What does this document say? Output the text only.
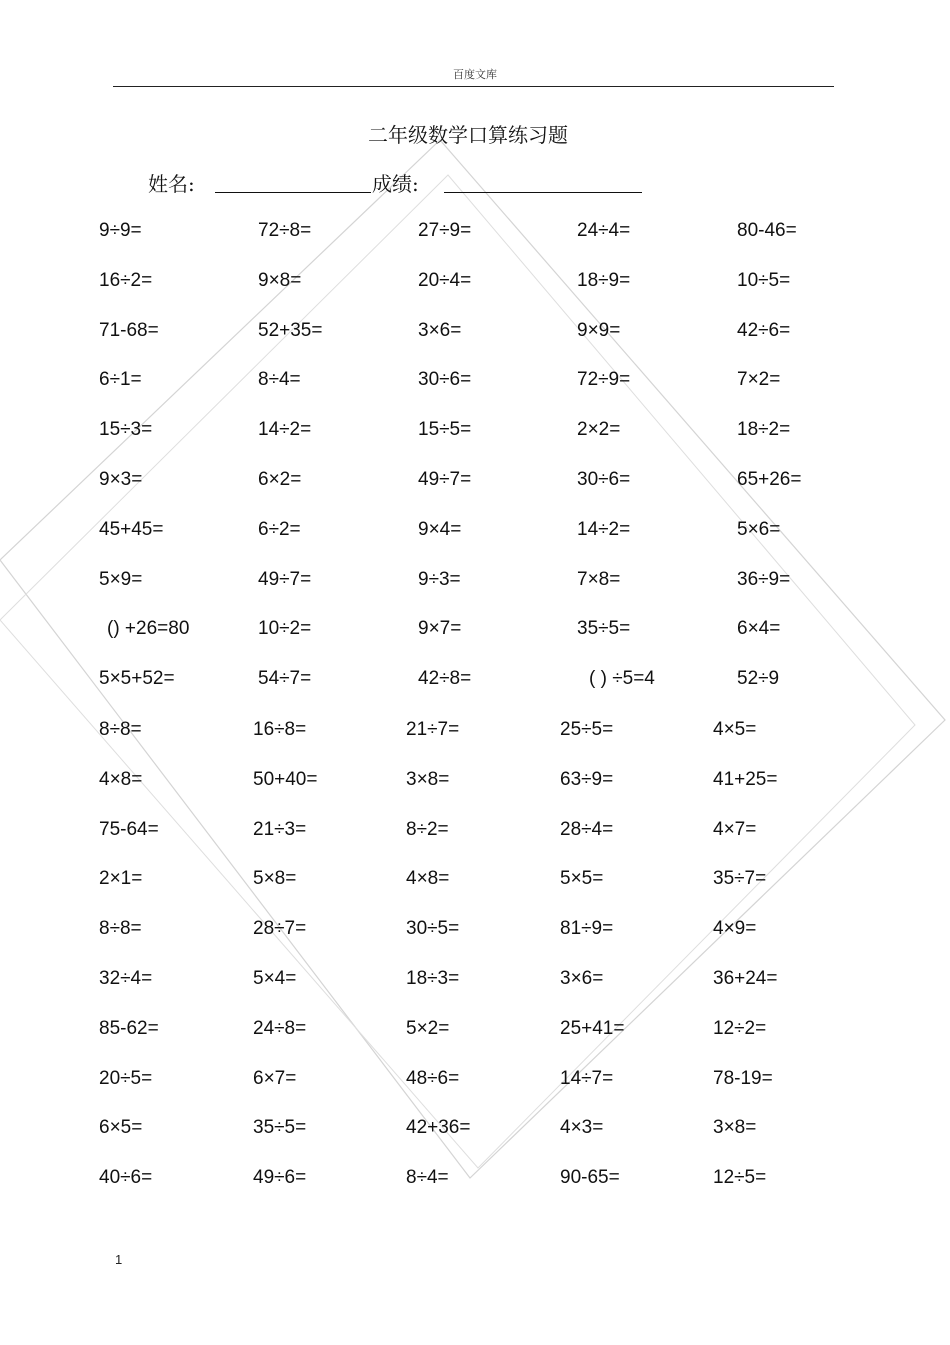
百度文库
二年级数学口算练习题
姓名:	成绩:
9÷9=	72÷8=	27÷9=	24÷4=	80-46=
16÷2=	9×8=	20÷4=	18÷9=	10÷5=
71-68=	52+35=	3×6=	9×9=	42÷6=
6÷1=	8÷4=	30÷6=	72÷9=	7×2=
15÷3=	14÷2=	15÷5=	2×2=	18÷2=
9×3=	6×2=	49÷7=	30÷6=	65+26=
45+45=	6÷2=	9×4=	14÷2=	5×6=
5×9=	49÷7=	9÷3=	7×8=	36÷9=
() +26=80	10÷2=	9×7=	35÷5=	6×4=
5×5+52=	54÷7=	42÷8=	( ) ÷5=4	52÷9
8÷8=	16÷8=	21÷7=	25÷5=	4×5=
4×8=	50+40=	3×8=	63÷9=	41+25=
75-64=	21÷3=	8÷2=	28÷4=	4×7=
2×1=	5×8=	4×8=	5×5=	35÷7=
8÷8=	28÷7=	30÷5=	81÷9=	4×9=
32÷4=	5×4=	18÷3=	3×6=	36+24=
85-62=	24÷8=	5×2=	25+41=	12÷2=
20÷5=	6×7=	48÷6=	14÷7=	78-19=
6×5=	35÷5=	42+36=	4×3=	3×8=
40÷6=	49÷6=	8÷4=	90-65=	12÷5=
1
